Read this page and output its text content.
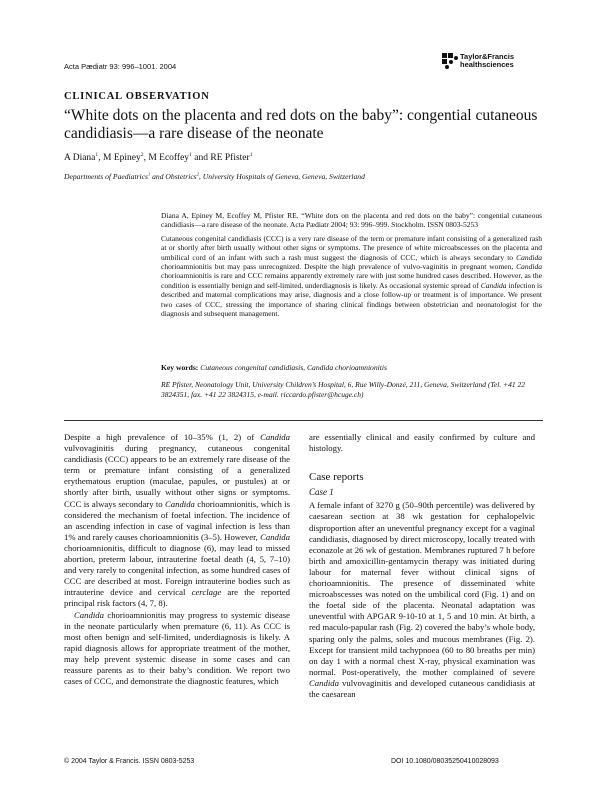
Acta Pædiatr 93: 996–1001. 2004
Taylor&Francis
healthsciences
CLINICAL OBSERVATION
“White dots on the placenta and red dots on the baby”: congential cutaneous candidiasis—a rare disease of the neonate
A Diana$^1$, M Epiney$^2$, M Ecoffey$^1$ and RE Pfister$^1$
Departments of Paediatrics$^1$ and Obstetrics$^2$, University Hospitals of Geneva, Geneva, Switzerland

Diana A, Epiney M, Ecoffey M, Pfister RE. “White dots on the placenta and red dots on the baby”: congential cutaneous candidiasis—a rare disease of the neonate. Acta Pædiatr 2004; 93: 996–999. Stockholm. ISSN 0803-5253

Cutaneous congenital candidiasis (CCC) is a very rare disease of the term or premature infant consisting of a generalized rash at or shortly after birth usually without other signs or symptoms. The presence of white microabscesses on the placenta and umbilical cord of an infant with such a rash must suggest the diagnosis of CCC, which is always secondary to Candida chorioamnionitis but may pass unrecognized. Despite the high prevalence of vulvo-vaginitis in pregnant women, Candida chorioamnionitis is rare and CCC remains apparently extremely rare with just some hundred cases described. However, as the condition is essentially benign and self-limited, underdiagnosis is likely. As occasional systemic spread of Candida infection is described and maternal complications may arise, diagnosis and a close follow-up or treatment is of importance. We present two cases of CCC, stressing the importance of sharing clinical findings between obstetrician and neonatologist for the diagnosis and subsequent management.

Key words: Cutaneous congenital candidiasis, Candida chorioamnionitis
RE Pfister, Neonatology Unit, University Children’s Hospital, 6, Rue Willy-Donzé, 211, Geneva, Switzerland (Tel. +41 22 3824351, fax. +41 22 3824315, e-mail. riccardo.pfister@hcuge.ch)

Despite a high prevalence of 10–35% (1, 2) of Candida vulvovaginitis during pregnancy, cutaneous congenital candidiasis (CCC) appears to be an extremely rare disease of the term or premature infant consisting of a generalized erythematous eruption (maculae, papules, or pustules) at or shortly after birth, usually without other signs or symptoms. CCC is always secondary to Candida chorioamnionitis, which is considered the mechanism of foetal infection. The incidence of an ascending infection in case of vaginal infection is less than 1% and rarely causes chorioamnionitis (3–5). However, Candida chorioamnionitis, difficult to diagnose (6), may lead to missed abortion, preterm labour, intrauterine foetal death (4, 5, 7–10) and very rarely to congenital infection, as some hundred cases of CCC are described at most. Foreign intrauterine bodies such as intrauterine device and cervical cerclage are the reported principal risk factors (4, 7, 8).

Candida chorioamnionitis may progress to systemic disease in the neonate particularly when premature (6, 11). As CCC is most often benign and self-limited, underdiagnosis is likely. A rapid diagnosis allows for appropriate treatment of the mother, may help prevent systemic disease in some cases and can reassure parents as to their baby’s condition. We report two cases of CCC, and demonstrate the diagnostic features, which

are essentially clinical and easily confirmed by culture and histology.

Case reports

Case 1

A female infant of 3270 g (50–90th percentile) was delivered by caesarean section at 38 wk gestation for cephalopelvic disproportion after an uneventful pregnancy except for a vaginal candidiasis, diagnosed by direct microscopy, locally treated with econazole at 26 wk of gestation. Membranes ruptured 7 h before birth and amoxicillin-gentamycin therapy was initiated during labour for maternal fever without clinical signs of chorioamnionitis. The presence of disseminated white microabscesses was noted on the umbilical cord (Fig. 1) and on the foetal side of the placenta. Neonatal adaptation was uneventful with APGAR 9-10-10 at 1, 5 and 10 min. At birth, a red maculo-papular rash (Fig. 2) covered the baby’s whole body, sparing only the palms, soles and mucous membranes (Fig. 2). Except for transient mild tachypnoea (60 to 80 breaths per min) on day 1 with a normal chest X-ray, physical examination was normal. Post-operatively, the mother complained of severe Candida vulvovaginitis and developed cutaneous candidiasis at the caesarean

© 2004 Taylor & Francis. ISSN 0803-5253	DOI 10.1080/08035250410028093
